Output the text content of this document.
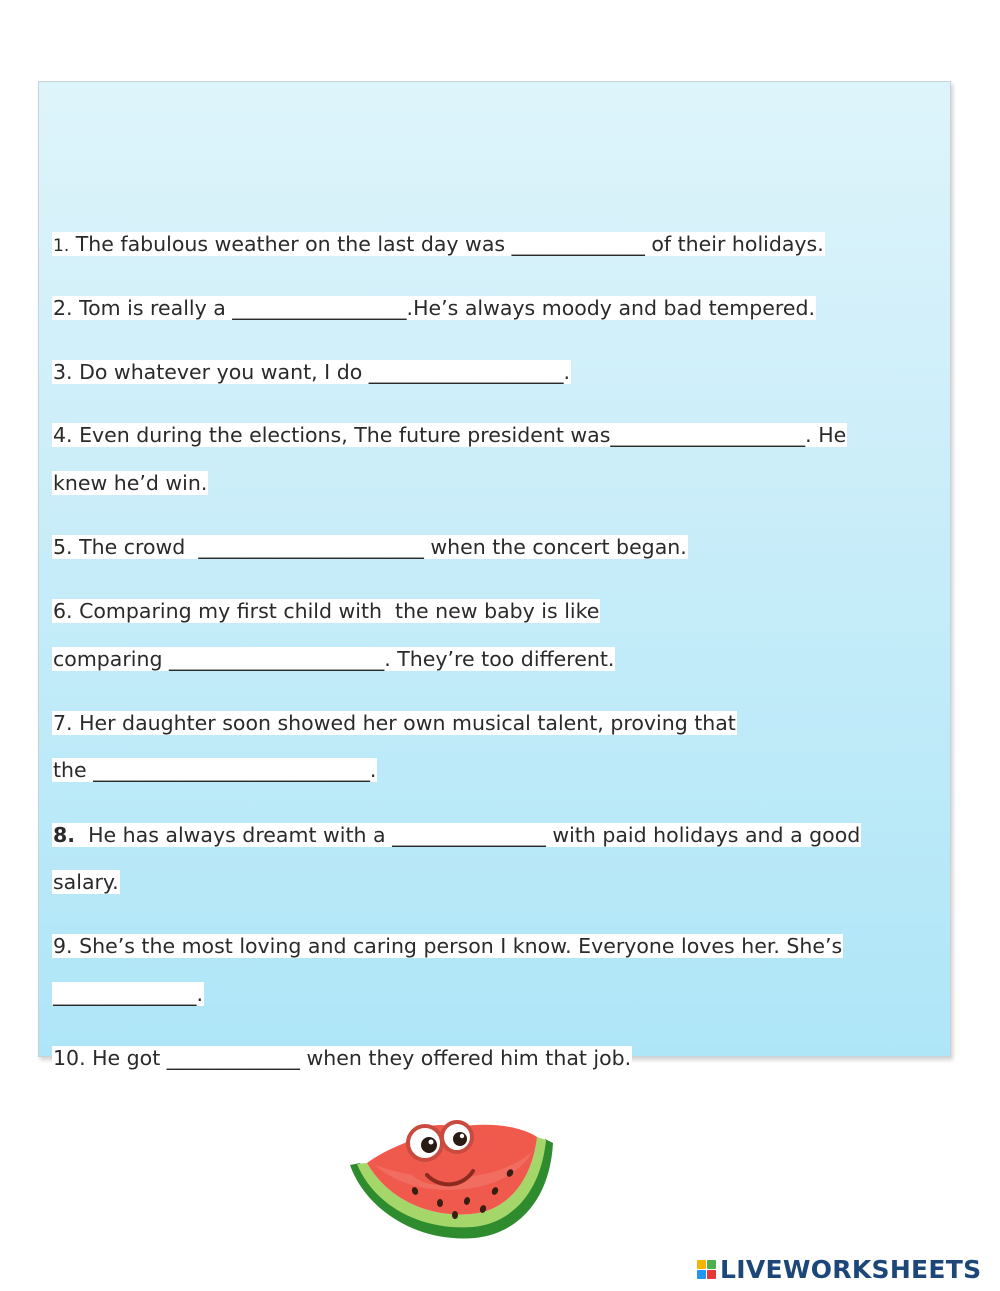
1. The fabulous weather on the last day was _____________ of their holidays.
2. Tom is really a _________________.He’s always moody and bad tempered.
3. Do whatever you want, I do ___________________.
4. Even during the elections, The future president was___________________. He
knew he’d win.
5. The crowd  ______________________ when the concert began.
6. Comparing my first child with  the new baby is like
comparing _____________________. They’re too different.
7. Her daughter soon showed her own musical talent, proving that
the ___________________________.
8.  He has always dreamt with a _______________ with paid holidays and a good
salary.
9. She’s the most loving and caring person I know. Everyone loves her. She’s
______________.
10. He got _____________ when they offered him that job.
LIVEWORKSHEETS
